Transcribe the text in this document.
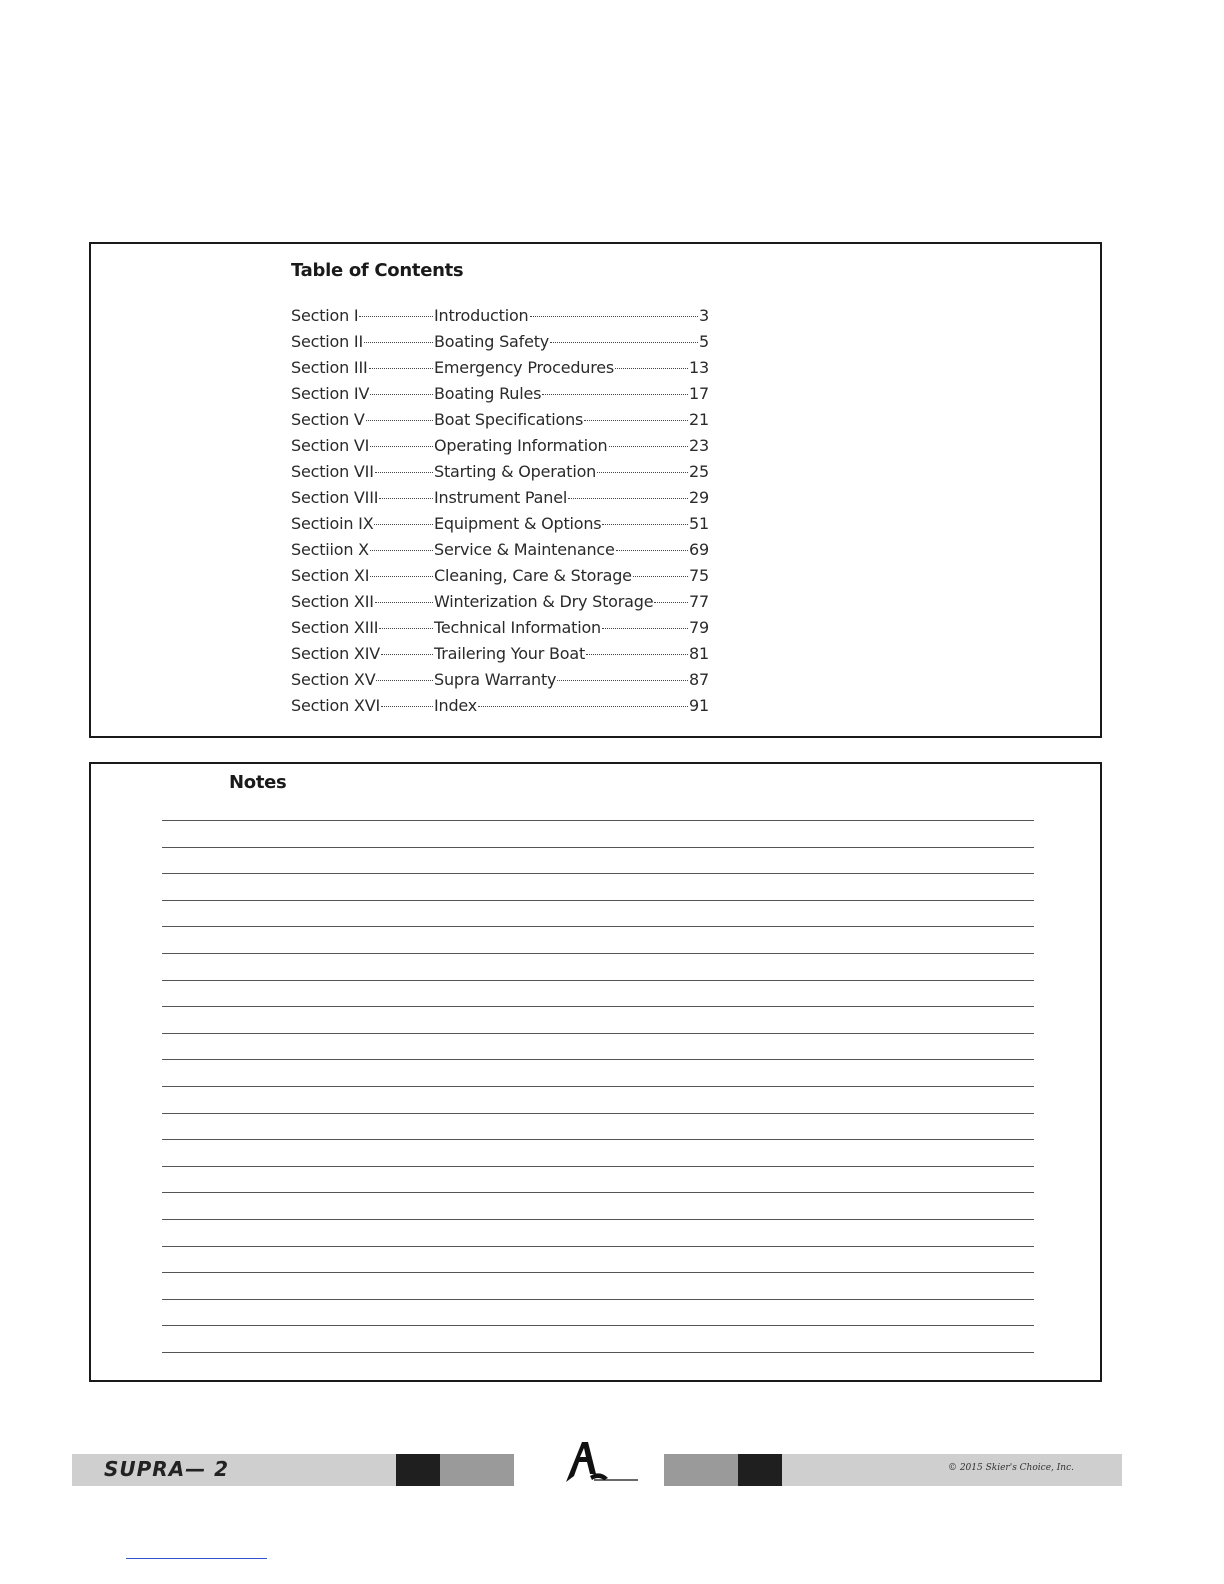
Table of Contents
Section I	Introduction	3
Section II	Boating Safety	5
Section III	Emergency Procedures	13
Section IV	Boating Rules	17
Section V	Boat Specifications	21
Section VI	Operating Information	23
Section VII	Starting & Operation	25
Section VIII	Instrument Panel	29
Sectioin IX	Equipment & Options	51
Sectiion X	Service & Maintenance	69
Section XI	Cleaning, Care & Storage	75
Section XII	Winterization & Dry Storage 77
Section XIII	Technical Information	79
Section XIV	Trailering Your Boat	81
Section XV	Supra Warranty	87
Section XVI	Index	91
Notes
SUPRA— 2	© 2015 Skier's Choice, Inc.
